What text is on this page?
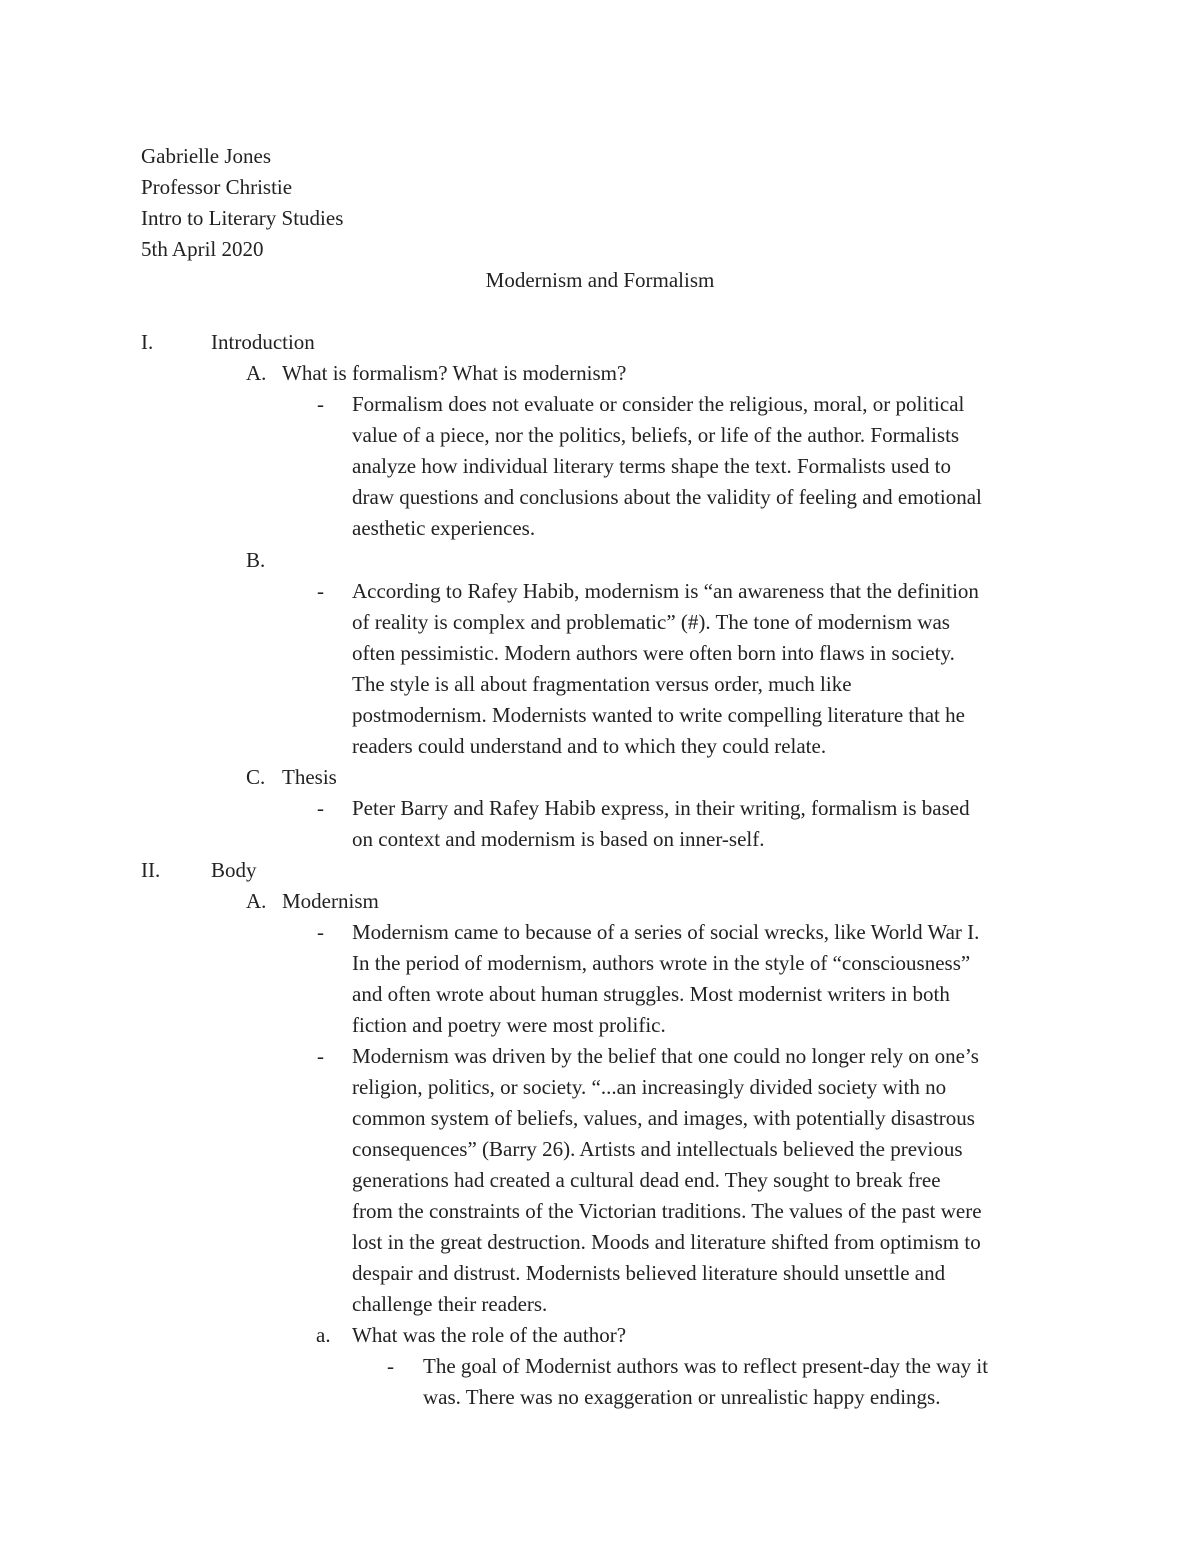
Gabrielle Jones
Professor Christie
Intro to Literary Studies
5th April 2020
Modernism and Formalism
I.	Introduction
A. What is formalism? What is modernism?
- Formalism does not evaluate or consider the religious, moral, or political
value of a piece, nor the politics, beliefs, or life of the author. Formalists
analyze how individual literary terms shape the text. Formalists used to
draw questions and conclusions about the validity of feeling and emotional
aesthetic experiences.
B.
- According to Rafey Habib, modernism is “an awareness that the definition
of reality is complex and problematic” (#). The tone of modernism was
often pessimistic. Modern authors were often born into flaws in society.
The style is all about fragmentation versus order, much like
postmodernism. Modernists wanted to write compelling literature that he
readers could understand and to which they could relate.
C. Thesis
- Peter Barry and Rafey Habib express, in their writing, formalism is based
on context and modernism is based on inner-self.
II. Body
A. Modernism
- Modernism came to because of a series of social wrecks, like World War I.
In the period of modernism, authors wrote in the style of “consciousness”
and often wrote about human struggles. Most modernist writers in both
fiction and poetry were most prolific.
- Modernism was driven by the belief that one could no longer rely on one’s
religion, politics, or society. “...an increasingly divided society with no
common system of beliefs, values, and images, with potentially disastrous
consequences” (Barry 26). Artists and intellectuals believed the previous
generations had created a cultural dead end. They sought to break free
from the constraints of the Victorian traditions. The values of the past were
lost in the great destruction. Moods and literature shifted from optimism to
despair and distrust. Modernists believed literature should unsettle and
challenge their readers.
a. What was the role of the author?
- The goal of Modernist authors was to reflect present-day the way it
was. There was no exaggeration or unrealistic happy endings.
